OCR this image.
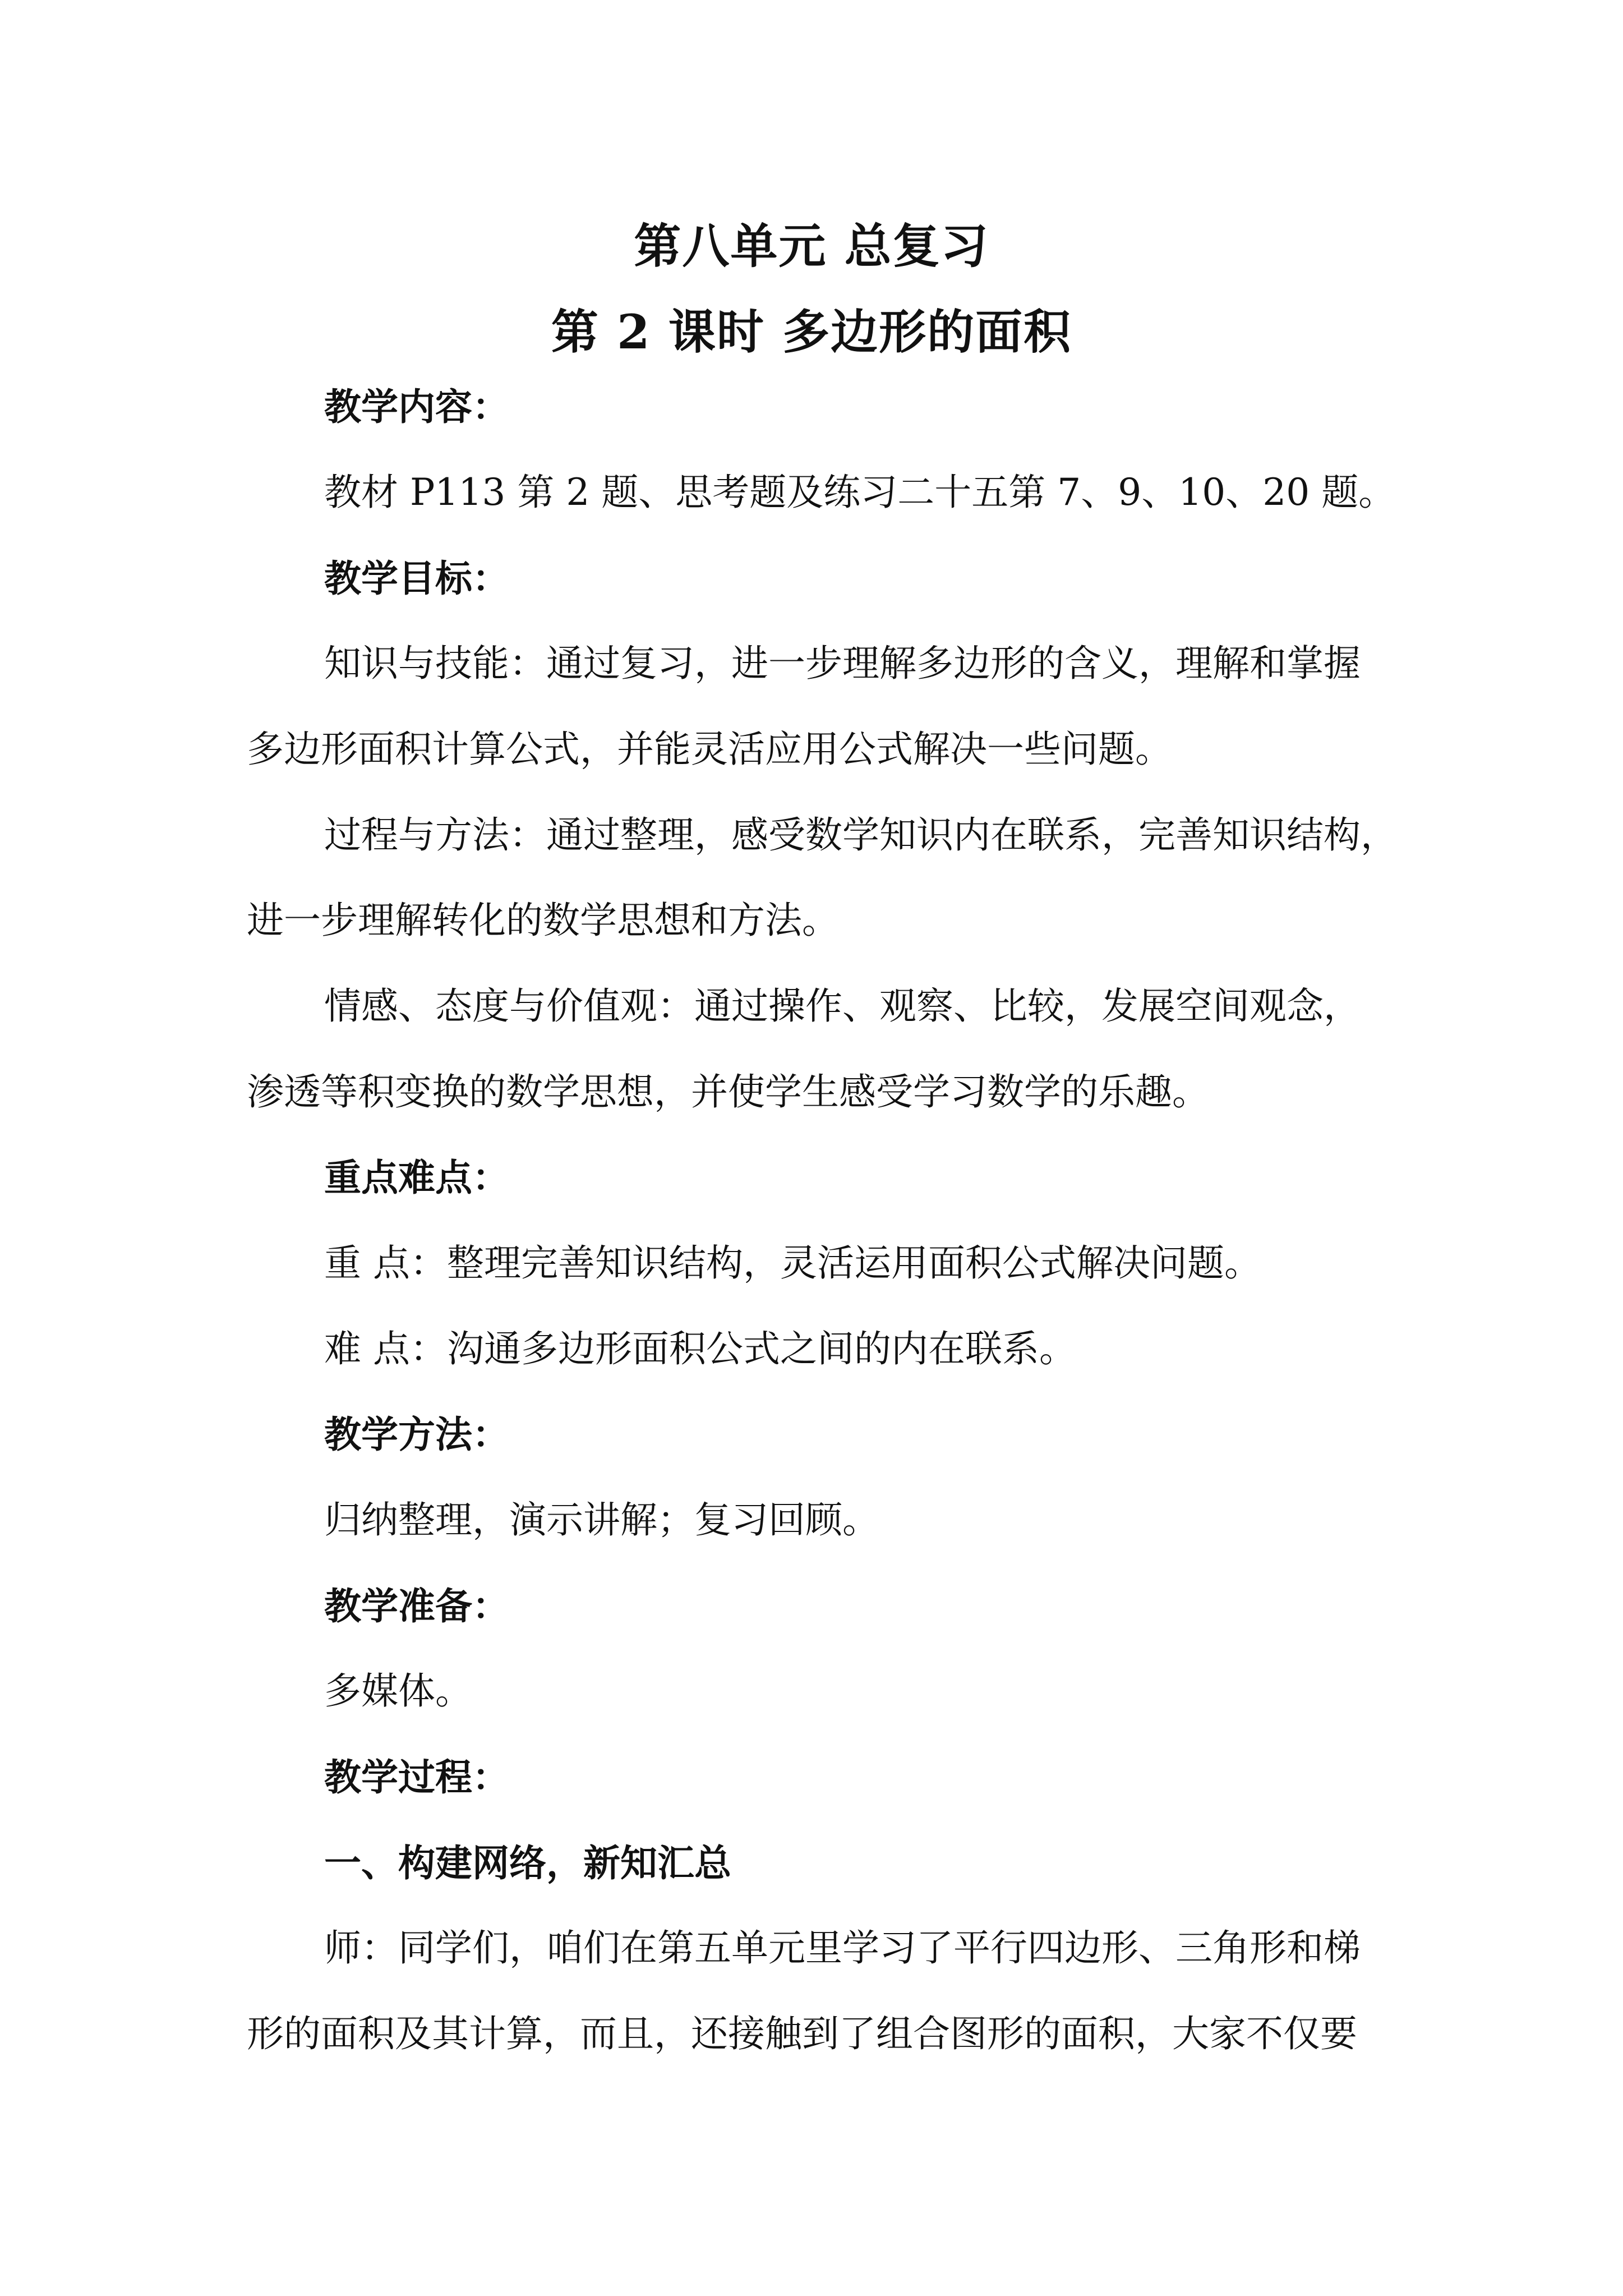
第八单元 总复习
第 2 课时 多边形的面积

教学内容：

教材 P113 第 2 题、思考题及练习二十五第 7、9、10、20 题。

教学目标：

知识与技能：通过复习，进一步理解多边形的含义，理解和掌握

多边形面积计算公式，并能灵活应用公式解决一些问题。

过程与方法：通过整理，感受数学知识内在联系，完善知识结构，

进一步理解转化的数学思想和方法。

情感、态度与价值观：通过操作、观察、比较，发展空间观念，

渗透等积变换的数学思想，并使学生感受学习数学的乐趣。

重点难点：

重 点：整理完善知识结构，灵活运用面积公式解决问题。

难 点：沟通多边形面积公式之间的内在联系。

教学方法：

归纳整理，演示讲解；复习回顾。

教学准备：

多媒体。

教学过程：

一、构建网络，新知汇总

师：同学们，咱们在第五单元里学习了平行四边形、三角形和梯

形的面积及其计算，而且，还接触到了组合图形的面积，大家不仅要
